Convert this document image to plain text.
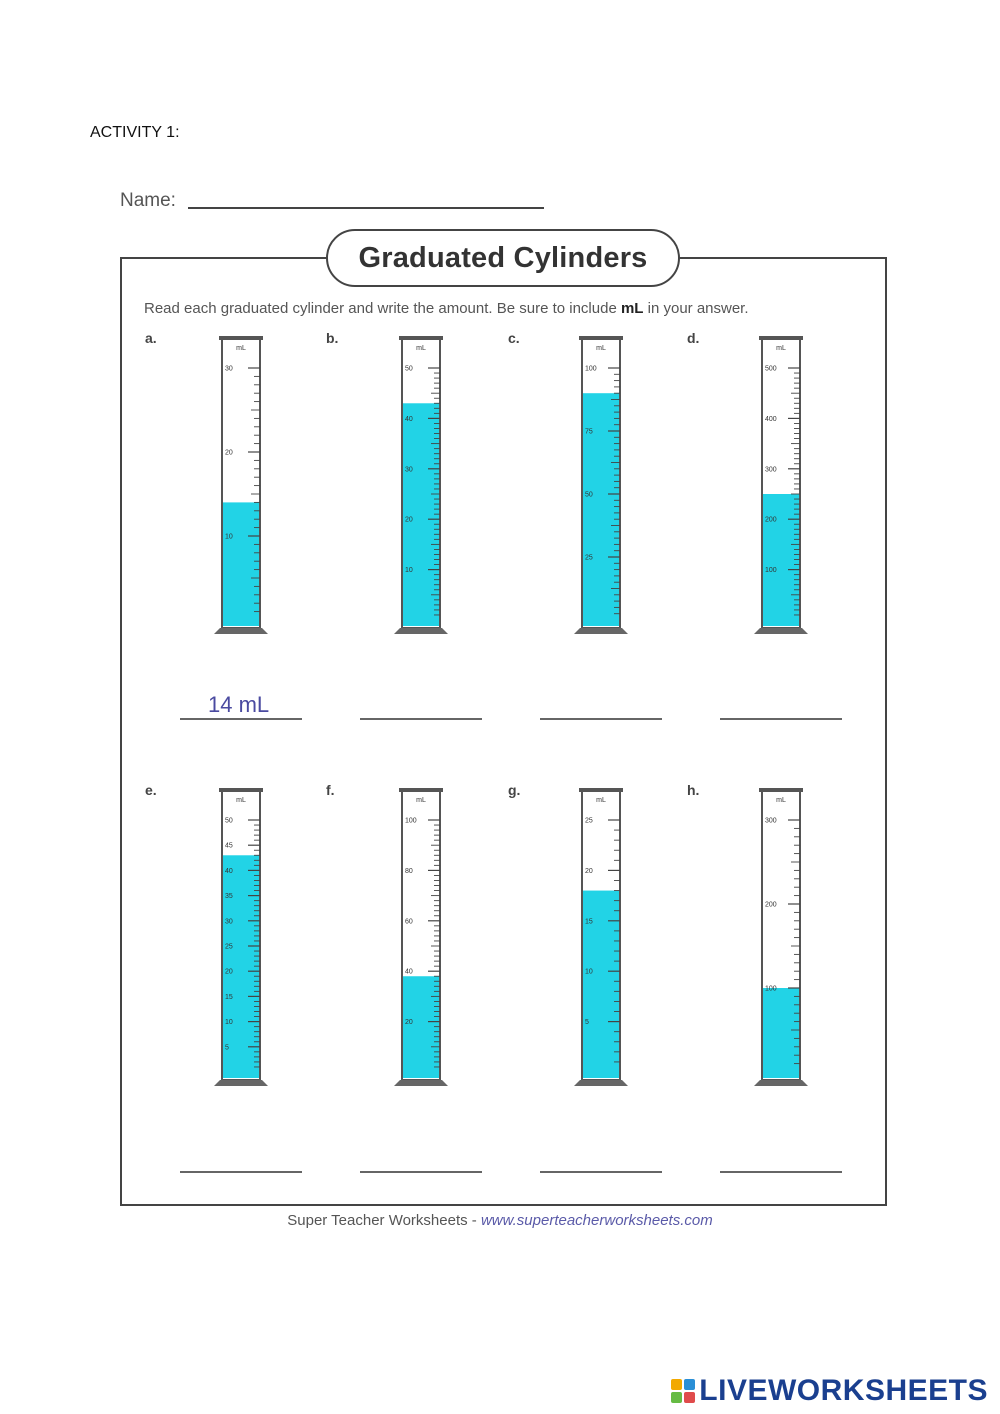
ACTIVITY 1:
Name:
Graduated Cylinders
Read each graduated cylinder and write the amount. Be sure to include mL in your answer.
a.
mL
10
20
30
14 mL
b.
mL
10
20
30
40
50
c.
mL
25
50
75
100
d.
mL
100
200
300
400
500
e.
mL
5
10
15
20
25
30
35
40
45
50
f.
mL
20
40
60
80
100
g.
mL
5
10
15
20
25
h.
mL
100
200
300
Super Teacher Worksheets - www.superteacherworksheets.com
LIVEWORKSHEETS
